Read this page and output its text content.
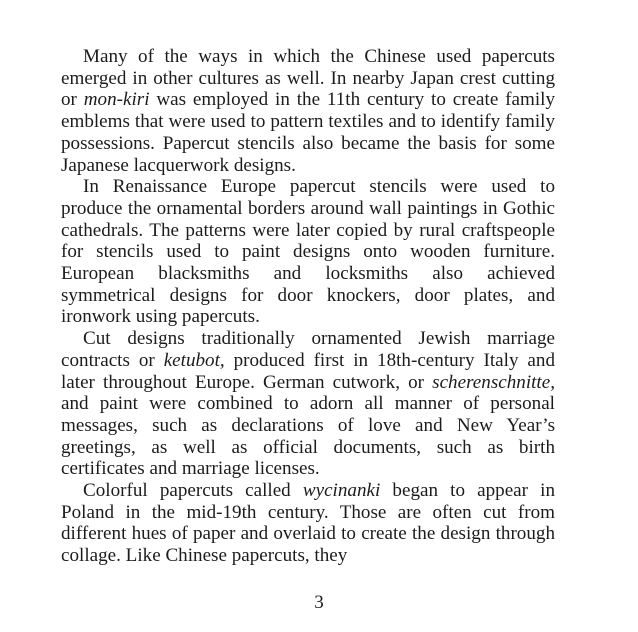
Many of the ways in which the Chinese used papercuts emerged in other cultures as well. In nearby Japan crest cutting or mon-kiri was employed in the 11th century to create family emblems that were used to pattern textiles and to identify family possessions. Papercut stencils also became the basis for some Japanese lacquerwork designs.

In Renaissance Europe papercut stencils were used to produce the ornamental borders around wall paintings in Gothic cathedrals. The patterns were later copied by rural craftspeople for stencils used to paint designs onto wooden furniture. European blacksmiths and locksmiths also achieved symmetrical designs for door knockers, door plates, and ironwork using papercuts.

Cut designs traditionally ornamented Jewish marriage contracts or ketubot, produced first in 18th-century Italy and later throughout Europe. German cutwork, or scherenschnitte, and paint were combined to adorn all manner of personal messages, such as declarations of love and New Year’s greetings, as well as official documents, such as birth certificates and marriage licenses.

Colorful papercuts called wycinanki began to appear in Poland in the mid-19th century. Those are often cut from different hues of paper and overlaid to create the design through collage. Like Chinese papercuts, they

3
